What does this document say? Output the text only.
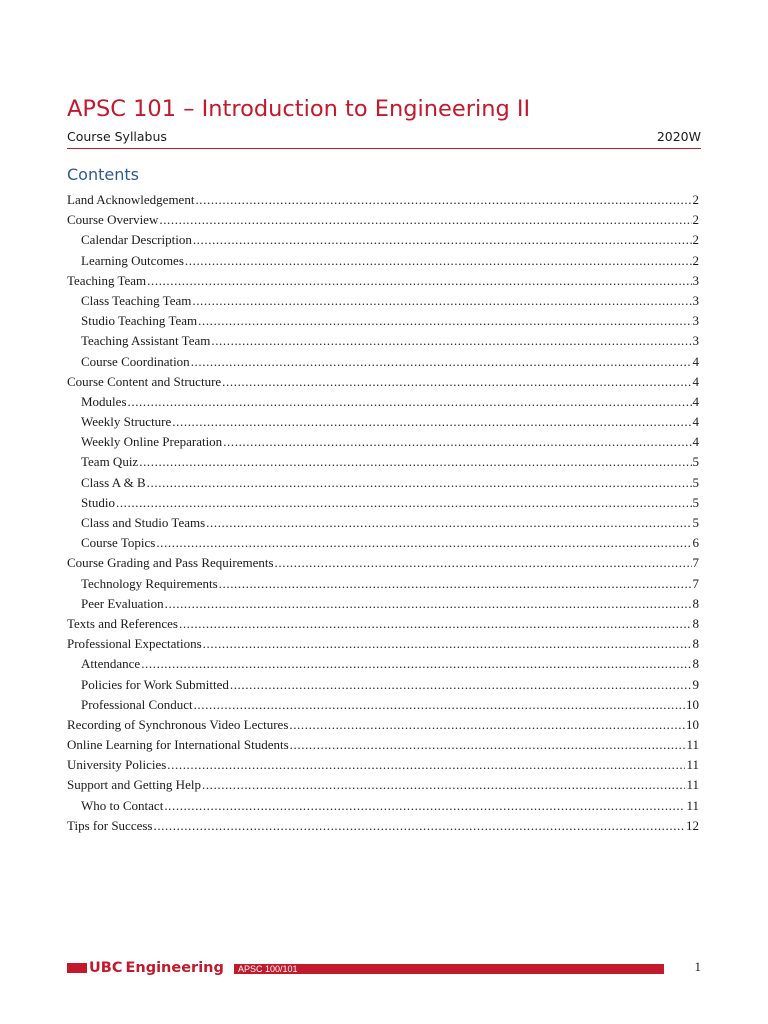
APSC 101 – Introduction to Engineering II
Course Syllabus	2020W
Contents
Land Acknowledgement .....	2
Course Overview .....	2
Calendar Description .....	2
Learning Outcomes .....	2
Teaching Team .....	3
Class Teaching Team .....	3
Studio Teaching Team .....	3
Teaching Assistant Team .....	3
Course Coordination .....	4
Course Content and Structure .....	4
Modules .....	4
Weekly Structure .....	4
Weekly Online Preparation .....	4
Team Quiz .....	5
Class A & B .....	5
Studio .....	5
Class and Studio Teams .....	5
Course Topics .....	6
Course Grading and Pass Requirements .....	7
Technology Requirements .....	7
Peer Evaluation .....	8
Texts and References .....	8
Professional Expectations .....	8
Attendance .....	8
Policies for Work Submitted .....	9
Professional Conduct .....	10
Recording of Synchronous Video Lectures .....	10
Online Learning for International Students .....	11
University Policies .....	11
Support and Getting Help .....	11
Who to Contact .....	11
Tips for Success .....	12
UBC Engineering	APSC 100/101	1
